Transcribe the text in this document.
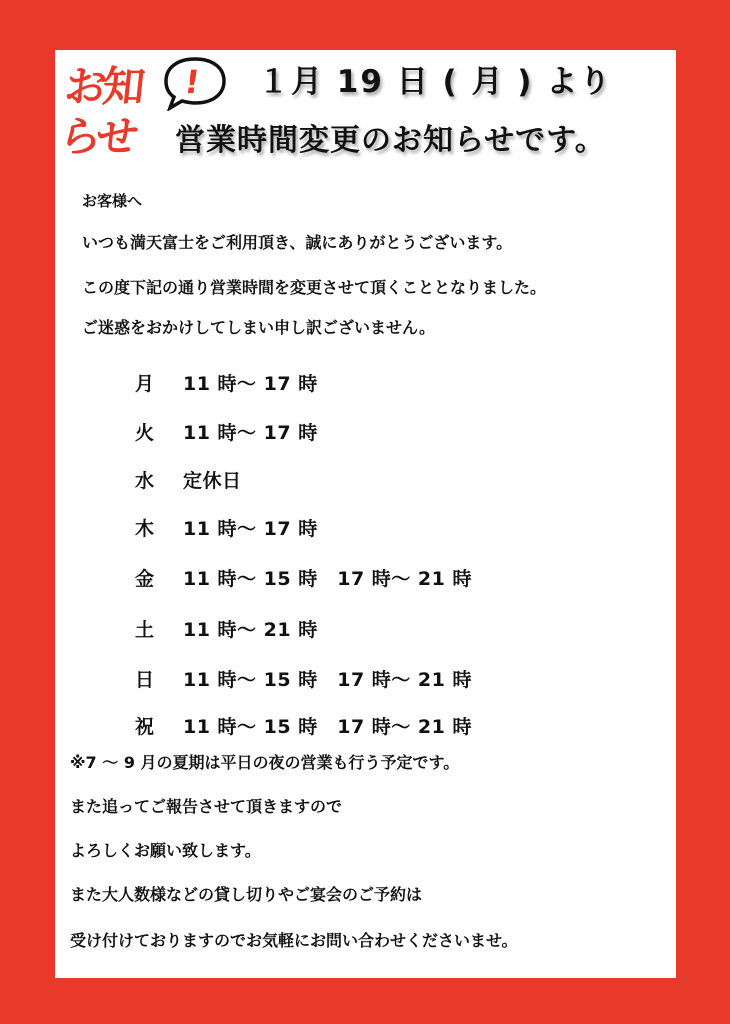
お知
らせ
! １月 19 日 ( 月 ) より
営業時間変更のお知らせです。
お客様へ
いつも満天富士をご利用頂き、誠にありがとうございます。
この度下記の通り営業時間を変更させて頂くこととなりました。
ご迷惑をおかけしてしまい申し訳ございません。
月 11 時～ 17 時
火 11 時～ 17 時
水 定休日
木 11 時～ 17 時
金 11 時～ 15 時　17 時～ 21 時
土 11 時～ 21 時
日 11 時～ 15 時　17 時～ 21 時
祝 11 時～ 15 時　17 時～ 21 時
※7 ～ 9 月の夏期は平日の夜の営業も行う予定です。
また追ってご報告させて頂きますので
よろしくお願い致します。
また大人数様などの貸し切りやご宴会のご予約は
受け付けておりますのでお気軽にお問い合わせくださいませ。
